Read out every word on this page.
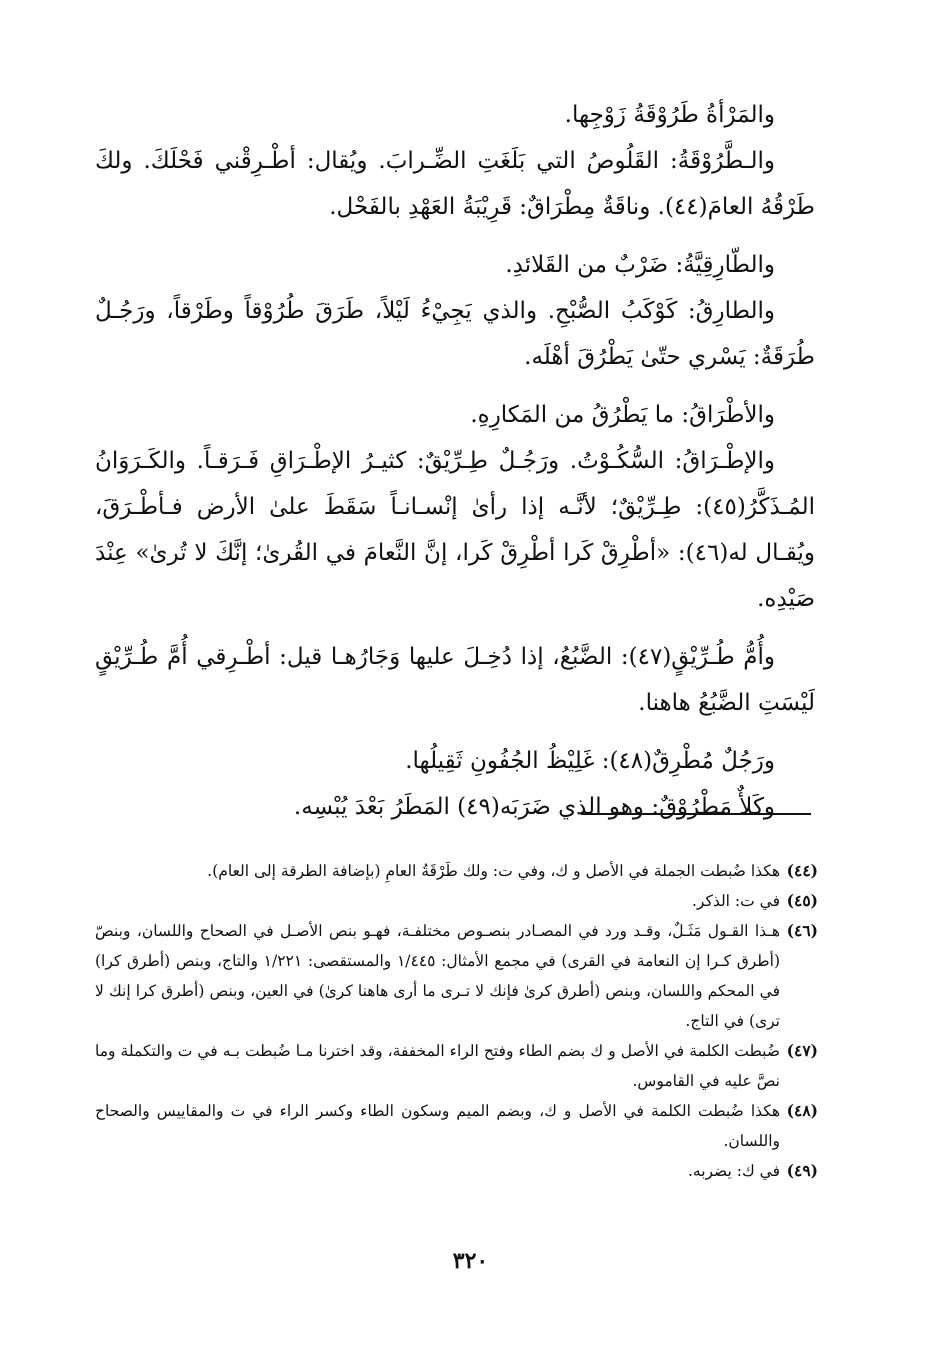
والمَرْأةُ طَرُوْقَةُ زَوْجِها.

والـطَّرُوْقَةُ: القَلُوصُ التي بَلَغَتِ الضِّـرابَ. ويُقال: أطْـرِقْني فَحْلَكَ. ولكَ طَرْقُهُ العامَ(٤٤). وناقَةٌ مِطْرَاقٌ: قَرِيْبَةُ العَهْدِ بالفَحْل.

والطّارِقِيَّةُ: ضَرْبٌ من القَلائدِ.

والطارِقُ: كَوْكَبُ الصُّبْحِ. والذي يَجِيْءُ لَيْلاً، طَرَقَ طُرُوْقاً وطَرْقاً، ورَجُـلٌ طُرَقَةٌ: يَسْري حتّىٰ يَطْرُقَ أهْلَه.

والأطْرَاقُ: ما يَطْرُقُ من المَكارِهِ.

والإطْـرَاقُ: السُّكُـوْتُ. ورَجُـلٌ طِـرِّيْقٌ: كثيـرُ الإطْـرَاقِ فَـرَقـاً. والكَـرَوَانُ المُـذَكَّرُ(٤٥): طِـرِّيْقٌ؛ لأنَّـه إذا رأىٰ إنْسـانـاً سَقَطَ علىٰ الأرض فـأطْـرَقَ، ويُقـال له(٤٦): «أطْرِقْ كَرا أطْرِقْ كَرا، إنَّ النَّعامَ في القُرىٰ؛ إنَّكَ لا تُرىٰ» عِنْدَ صَيْدِه.

وأُمُّ طُـرِّيْقٍ(٤٧): الضَّبُعُ، إذا دُخِـلَ عليها وَجَارُهـا قيل: أطْـرِقي أُمَّ طُـرِّيْقٍ لَيْسَتِ الضَّبُعُ هاهنا.

ورَجُلٌ مُطْرِقٌ(٤٨): غَلِيْظُ الجُفُونِ ثَقِيلُها.

وكَلأٌ مَطْرُوْقٌ: وهو الذي ضَرَبَه(٤٩) المَطَرُ بَعْدَ يُبْسِه.

(٤٤)هكذا ضُبطت الجملة في الأصل و ك، وفي ت: ولك طَرْقَةُ العامِ (بإضافة الطرقة إلى العام).

(٤٥)في ت: الذكر.

(٤٦)هـذا القـول مَثَـلٌ، وقـد ورد في المصـادر بنصـوص مختلفـة، فهـو بنص الأصـل في الصحاح واللسان، وبنصّ (أطرق كـرا إن النعامة في القرى) في مجمع الأمثال: ١/٤٤٥ والمستقصى: ١/٢٢١ والتاج، وبنص (أطرق كرا) في المحكم واللسان، وبنص (أطرق كرىٰ فإنك لا تـرى ما أرى هاهنا كرىٰ) في العين، وبنص (أطرق كرا إنك لا ترى) في التاج.

(٤٧)ضُبطت الكلمة في الأصل و ك بضم الطاء وفتح الراء المخففة، وقد اخترنا مـا ضُبطت بـه في ت والتكملة وما نصَّ عليه في القاموس.

(٤٨)هكذا ضُبطت الكلمة في الأصل و ك، وبضم الميم وسكون الطاء وكسر الراء في ت والمقاييس والصحاح واللسان.

(٤٩)في ك: يضربه.

٣٢٠
